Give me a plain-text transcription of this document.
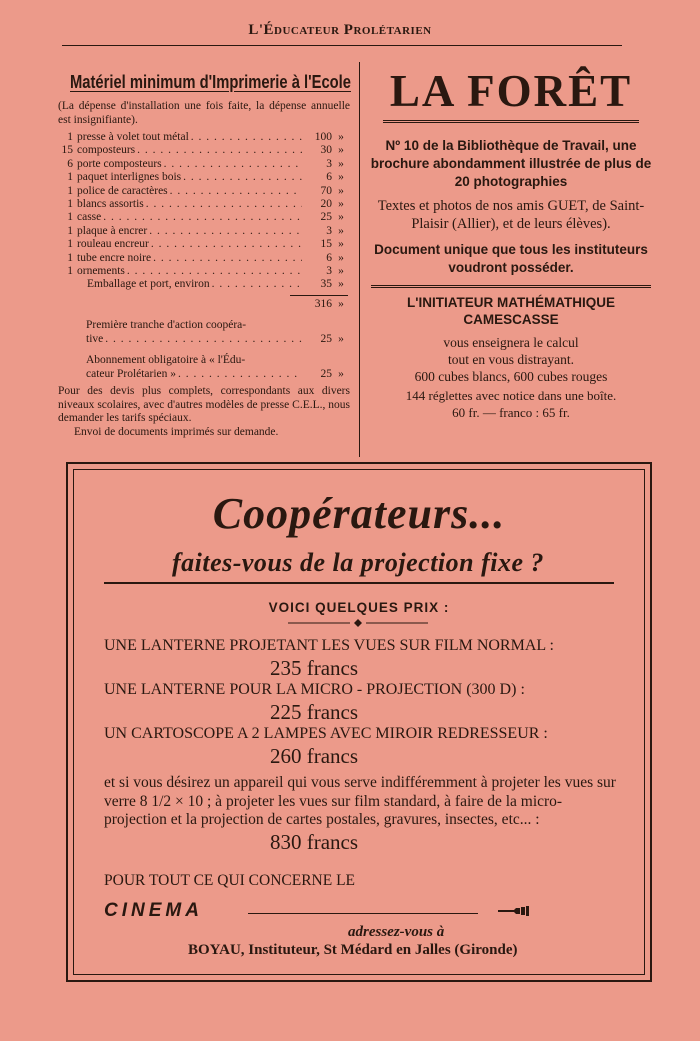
L'Éducateur Prolétarien
Matériel minimum d'Imprimerie à l'Ecole

(La dépense d'installation une fois faite, la dépense annuelle est insignifiante).

1 presse à volet tout métal . . .	100 »
15 composteurs . . .	30 »
6 porte composteurs . . .	3 »
1 paquet interlignes bois . . .	6 »
1 police de caractères . . .	70 »
1 blancs assortis . . .	20 »
1 casse . . .	25 »
1 plaque à encrer . . .	3 »
1 rouleau encreur . . .	15 »
1 tube encre noire . . .	6 »
1 ornements . . .	3 »
Emballage et port, environ . . .	35 »
316 »
Première tranche d'action coopéra-
tive . . .	25 »
Abonnement obligatoire à « l'Édu-
cateur Prolétarien » . . .	25 »
Pour des devis plus complets, correspondants aux divers niveaux scolaires, avec d'autres modèles de presse C.E.L., nous demander les tarifs spéciaux.
Envoi de documents imprimés sur demande.
LA FORÊT
Nº 10 de la Bibliothèque de Travail, une brochure abondamment illustrée de plus de 20 photographies
Textes et photos de nos amis GUET, de Saint-Plaisir (Allier), et de leurs élèves).
Document unique que tous les instituteurs voudront posséder.
L'INITIATEUR MATHÉMATHIQUE CAMESCASSE
vous enseignera le calcul
tout en vous distrayant.
600 cubes blancs, 600 cubes rouges
144 réglettes avec notice dans une boîte.
60 fr. — franco : 65 fr.
Coopérateurs...
faites-vous de la projection fixe ?
VOICI QUELQUES PRIX :
UNE LANTERNE PROJETANT LES VUES SUR FILM NORMAL :
235 francs
UNE LANTERNE POUR LA MICRO - PROJECTION (300 D) :
225 francs
UN CARTOSCOPE A 2 LAMPES AVEC MIROIR REDRESSEUR :
260 francs
et si vous désirez un appareil qui vous serve indifféremment à projeter les vues sur verre 8 1/2 × 10 ; à projeter les vues sur film standard, à faire de la micro-projection et la projection de cartes postales, gravures, insectes, etc... :
830 francs
POUR TOUT CE QUI CONCERNE LE
CINEMA
adressez-vous à
BOYAU, Instituteur, St Médard en Jalles (Gironde)
